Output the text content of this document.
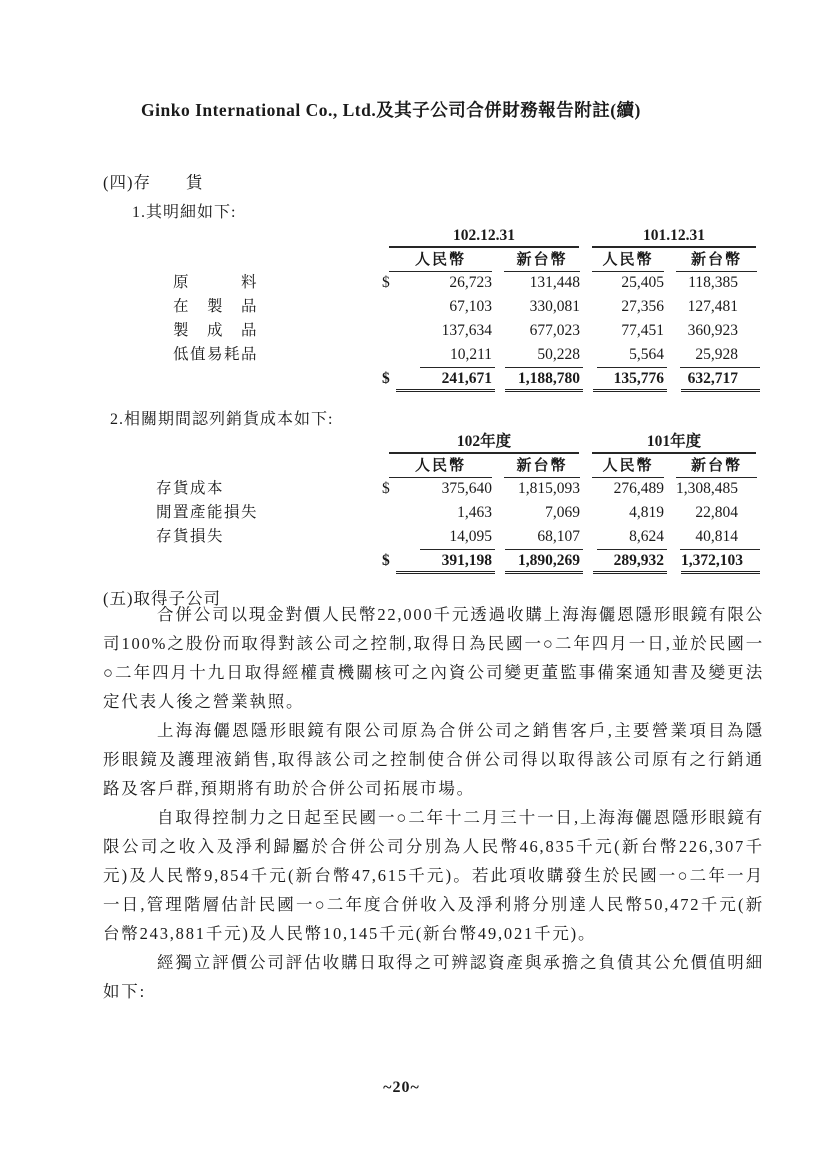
Ginko International Co., Ltd.及其子公司合併財務報告附註(續)
(四)存　　貨
1.其明細如下:
102.12.31	101.12.31
人民幣	新台幣	人民幣	新台幣
原　　　料	$	26,723	131,448	25,405	118,385
在　製　品	67,103	330,081	27,356	127,481
製　成　品	137,634	677,023	77,451	360,923
低值易耗品	10,211	50,228	5,564	25,928
$	241,671	1,188,780	135,776	632,717
2.相關期間認列銷貨成本如下:
102年度	101年度
人民幣	新台幣	人民幣	新台幣
存貨成本	$	375,640	1,815,093	276,489 1,308,485
閒置產能損失	1,463	7,069	4,819	22,804
存貨損失	14,095	68,107	8,624	40,814
$	391,198	1,890,269	289,932 1,372,103
(五)取得子公司

合併公司以現金對價人民幣22,000千元透過收購上海海儷恩隱形眼鏡有限公司100%之股份而取得對該公司之控制,取得日為民國一○二年四月一日,並於民國一○二年四月十九日取得經權責機關核可之內資公司變更董監事備案通知書及變更法定代表人後之營業執照。

上海海儷恩隱形眼鏡有限公司原為合併公司之銷售客戶,主要營業項目為隱形眼鏡及護理液銷售,取得該公司之控制使合併公司得以取得該公司原有之行銷通路及客戶群,預期將有助於合併公司拓展市場。

自取得控制力之日起至民國一○二年十二月三十一日,上海海儷恩隱形眼鏡有限公司之收入及淨利歸屬於合併公司分別為人民幣46,835千元(新台幣226,307千元)及人民幣9,854千元(新台幣47,615千元)。若此項收購發生於民國一○二年一月一日,管理階層估計民國一○二年度合併收入及淨利將分別達人民幣50,472千元(新台幣243,881千元)及人民幣10,145千元(新台幣49,021千元)。

經獨立評價公司評估收購日取得之可辨認資產與承擔之負債其公允價值明細如下:

~20~
